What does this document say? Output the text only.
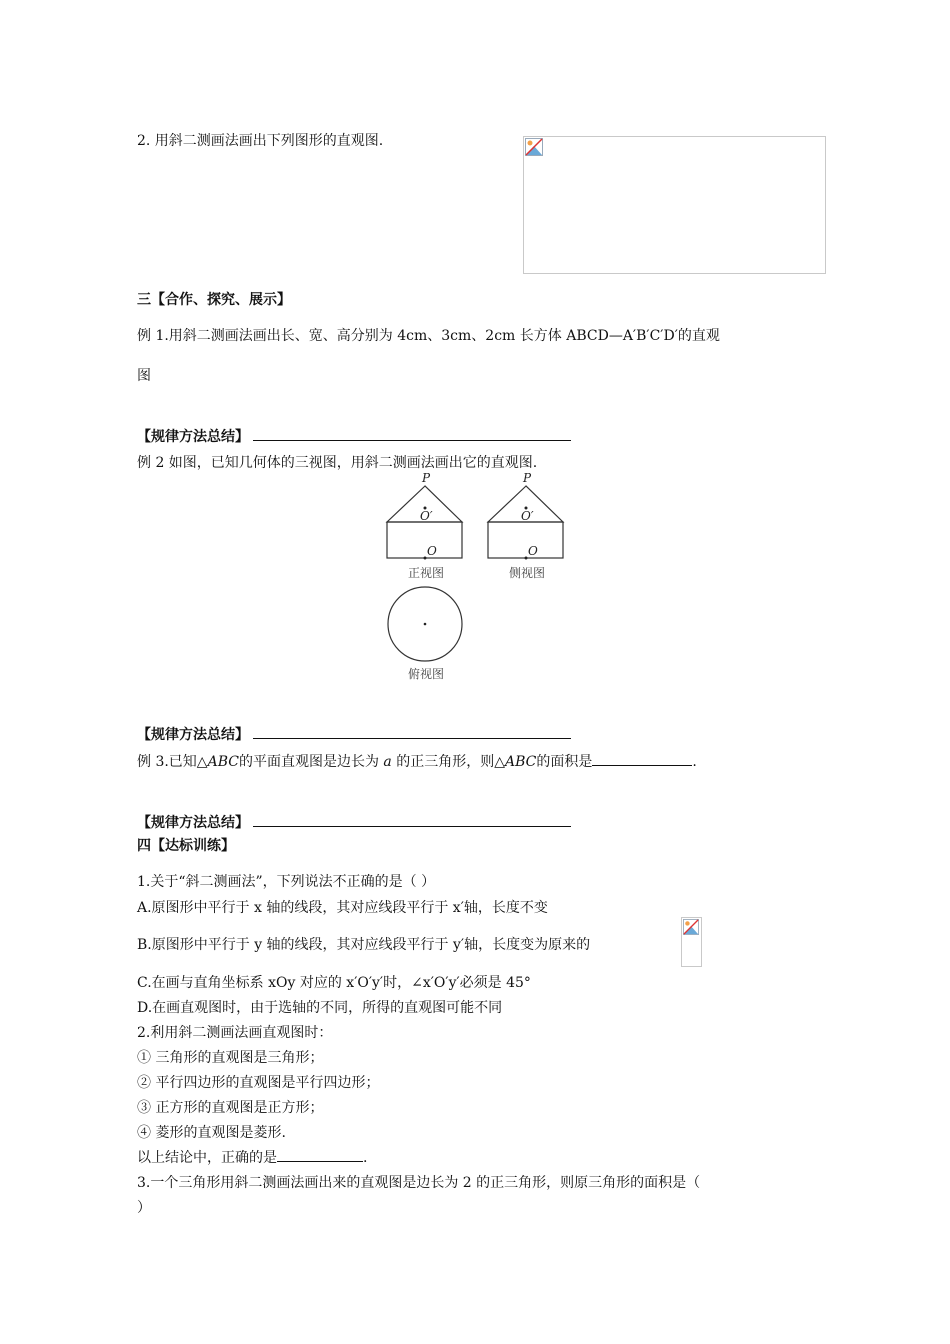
2. 用斜二测画法画出下列图形的直观图.
三【合作、探究、展示】
例 1.用斜二测画法画出长、宽、高分别为 4cm、3cm、2cm 长方体 ABCD—A′B′C′D′的直观
图
【规律方法总结】
例 2 如图，已知几何体的三视图，用斜二测画法画出它的直观图.
P
O′
O
正视图
P
O′
O
侧视图
俯视图
【规律方法总结】
例 3.已知△ABC的平面直观图是边长为 a 的正三角形，则△ABC的面积是	.
【规律方法总结】
四【达标训练】
1.关于“斜二测画法”，下列说法不正确的是（ ）
A.原图形中平行于 x 轴的线段，其对应线段平行于 x′轴，长度不变
B.原图形中平行于 y 轴的线段，其对应线段平行于 y′轴，长度变为原来的
C.在画与直角坐标系 xOy 对应的 x′O′y′时，∠x′O′y′必须是 45°
D.在画直观图时，由于选轴的不同，所得的直观图可能不同
2.利用斜二测画法画直观图时：
① 三角形的直观图是三角形；
② 平行四边形的直观图是平行四边形；
③ 正方形的直观图是正方形；
④ 菱形的直观图是菱形.
以上结论中，正确的是	.
3.一个三角形用斜二测画法画出来的直观图是边长为 2 的正三角形，则原三角形的面积是（
）
